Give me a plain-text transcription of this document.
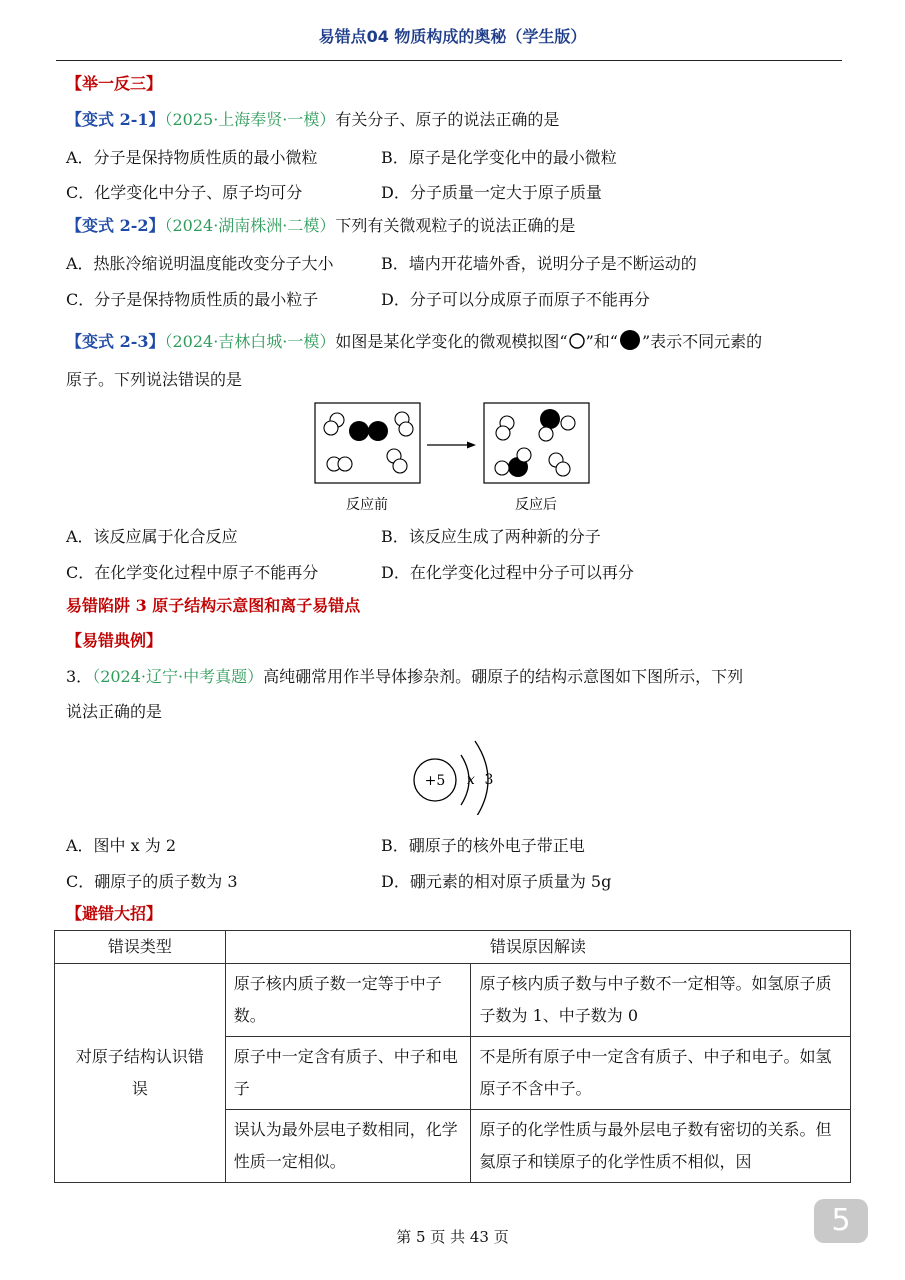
易错点04 物质构成的奥秘（学生版）
【举一反三】
【变式 2-1】（2025·上海奉贤·一模）有关分子、原子的说法正确的是
A．分子是保持物质性质的最小微粒	B．原子是化学变化中的最小微粒
C．化学变化中分子、原子均可分	D．分子质量一定大于原子质量
【变式 2-2】（2024·湖南株洲·二模）下列有关微观粒子的说法正确的是
A．热胀冷缩说明温度能改变分子大小	B．墙内开花墙外香，说明分子是不断运动的
C．分子是保持物质性质的最小粒子	D．分子可以分成原子而原子不能再分
【变式 2-3】（2024·吉林白城·一模）如图是某化学变化的微观模拟图“ ”和“ ”表示不同元素的
原子。下列说法错误的是
反应前	反应后
A．该反应属于化合反应	B．该反应生成了两种新的分子
C．在化学变化过程中原子不能再分	D．在化学变化过程中分子可以再分
易错陷阱 3 原子结构示意图和离子易错点
【易错典例】
3．（2024·辽宁·中考真题）高纯硼常用作半导体掺杂剂。硼原子的结构示意图如下图所示，下列
说法正确的是
+5 x 3
A．图中 x 为 2	B．硼原子的核外电子带正电
C．硼原子的质子数为 3	D．硼元素的相对原子质量为 5g
【避错大招】
错误类型	错误原因解读	
对原子结构认识错误	原子核内质子数一定等于中子数。	原子核内质子数与中子数不一定相等。如氢原子质子数为 1、中子数为 0
	原子中一定含有质子、中子和电子	不是所有原子中一定含有质子、中子和电子。如氢原子不含中子。
	误认为最外层电子数相同，化学性质一定相似。	原子的化学性质与最外层电子数有密切的关系。但氦原子和镁原子的化学性质不相似，因
第 5 页 共 43 页	5
